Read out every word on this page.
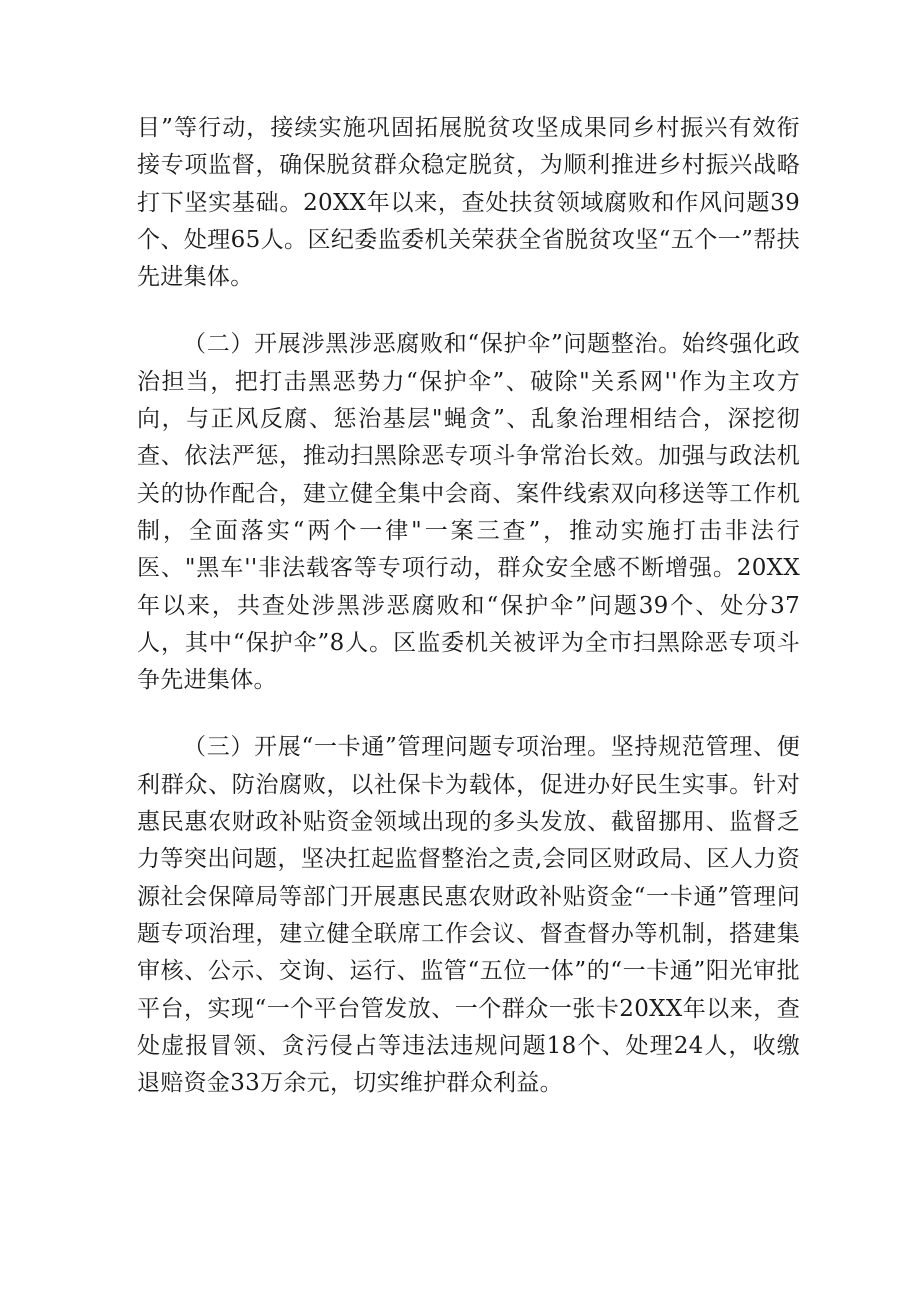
目”等行动，接续实施巩固拓展脱贫攻坚成果同乡村振兴有效衔接专项监督，确保脱贫群众稳定脱贫，为顺利推进乡村振兴战略打下坚实基础。20XX年以来，查处扶贫领域腐败和作风问题39个、处理65人。区纪委监委机关荣获全省脱贫攻坚“五个一”帮扶先进集体。

（二）开展涉黑涉恶腐败和“保护伞”问题整治。始终强化政治担当，把打击黑恶势力“保护伞”、破除"关系网''作为主攻方向，与正风反腐、惩治基层"蝇贪”、乱象治理相结合，深挖彻查、依法严惩，推动扫黑除恶专项斗争常治长效。加强与政法机关的协作配合，建立健全集中会商、案件线索双向移送等工作机制，全面落实“两个一律"一案三查”，推动实施打击非法行医、"黑车''非法载客等专项行动，群众安全感不断增强。20XX年以来，共查处涉黑涉恶腐败和“保护伞”问题39个、处分37人，其中“保护伞”8人。区监委机关被评为全市扫黑除恶专项斗争先进集体。

（三）开展“一卡通”管理问题专项治理。坚持规范管理、便利群众、防治腐败，以社保卡为载体，促进办好民生实事。针对惠民惠农财政补贴资金领域出现的多头发放、截留挪用、监督乏力等突出问题，坚决扛起监督整治之责,会同区财政局、区人力资源社会保障局等部门开展惠民惠农财政补贴资金“一卡通”管理问题专项治理，建立健全联席工作会议、督查督办等机制，搭建集审核、公示、交询、运行、监管“五位一体”的“一卡通”阳光审批平台，实现“一个平台管发放、一个群众一张卡20XX年以来，查处虚报冒领、贪污侵占等违法违规问题18个、处理24人，收缴退赔资金33万余元，切实维护群众利益。
